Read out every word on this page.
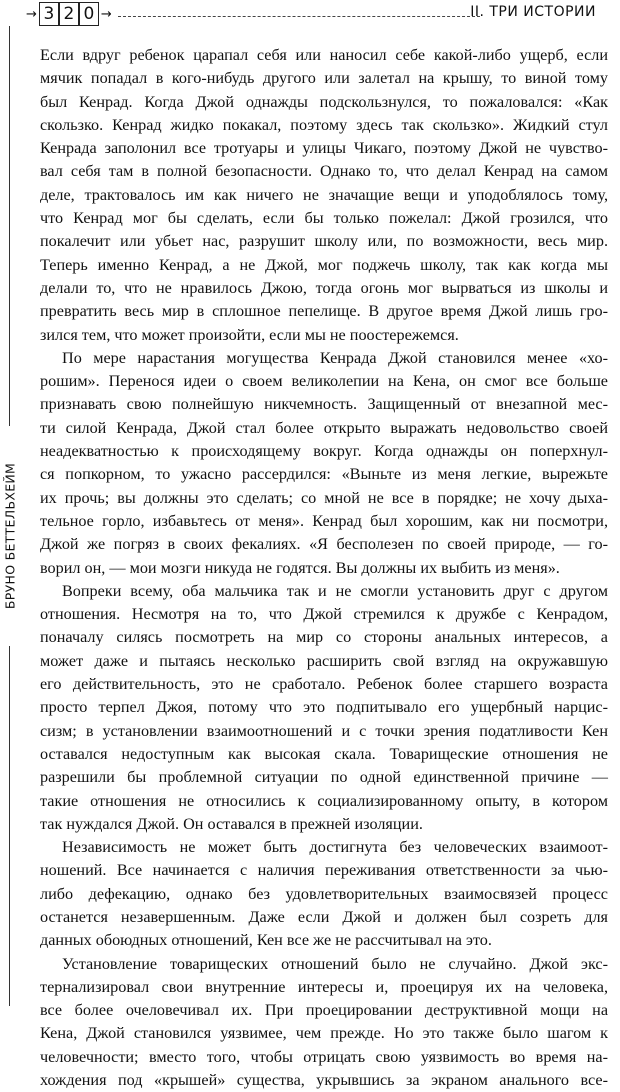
→ 3 2 0 →	II. ТРИ ИСТОРИИ
БРУНО БЕТТЕЛЬХЕЙМ
Если вдруг ребенок царапал себя или наносил себе какой-либо ущерб, если
мячик попадал в кого-нибудь другого или залетал на крышу, то виной тому
был Кенрад. Когда Джой однажды подскользнулся, то пожаловался: «Как
скользко. Кенрад жидко покакал, поэтому здесь так скользко». Жидкий стул
Кенрада заполонил все тротуары и улицы Чикаго, поэтому Джой не чувство-
вал себя там в полной безопасности. Однако то, что делал Кенрад на самом
деле, трактовалось им как ничего не значащие вещи и уподоблялось тому,
что Кенрад мог бы сделать, если бы только пожелал: Джой грозился, что
покалечит или убьет нас, разрушит школу или, по возможности, весь мир.
Теперь именно Кенрад, а не Джой, мог поджечь школу, так как когда мы
делали то, что не нравилось Джою, тогда огонь мог вырваться из школы и
превратить весь мир в сплошное пепелище. В другое время Джой лишь гро-
зился тем, что может произойти, если мы не поостережемся.
По мере нарастания могущества Кенрада Джой становился менее «хо-
рошим». Перенося идеи о своем великолепии на Кена, он смог все больше
признавать свою полнейшую никчемность. Защищенный от внезапной мес-
ти силой Кенрада, Джой стал более открыто выражать недовольство своей
неадекватностью к происходящему вокруг. Когда однажды он поперхнул-
ся попкорном, то ужасно рассердился: «Выньте из меня легкие, вырежьте
их прочь; вы должны это сделать; со мной не все в порядке; не хочу дыха-
тельное горло, избавьтесь от меня». Кенрад был хорошим, как ни посмотри,
Джой же погряз в своих фекалиях. «Я бесполезен по своей природе, — го-
ворил он, — мои мозги никуда не годятся. Вы должны их выбить из меня».
Вопреки всему, оба мальчика так и не смогли установить друг с другом
отношения. Несмотря на то, что Джой стремился к дружбе с Кенрадом,
поначалу силясь посмотреть на мир со стороны анальных интересов, а
может даже и пытаясь несколько расширить свой взгляд на окружавшую
его действительность, это не сработало. Ребенок более старшего возраста
просто терпел Джоя, потому что это подпитывало его ущербный нарцис-
сизм; в установлении взаимоотношений и с точки зрения податливости Кен
оставался недоступным как высокая скала. Товарищеские отношения не
разрешили бы проблемной ситуации по одной единственной причине —
такие отношения не относились к социализированному опыту, в котором
так нуждался Джой. Он оставался в прежней изоляции.
Независимость не может быть достигнута без человеческих взаимоот-
ношений. Все начинается с наличия переживания ответственности за чью-
либо дефекацию, однако без удовлетворительных взаимосвязей процесс
останется незавершенным. Даже если Джой и должен был созреть для
данных обоюдных отношений, Кен все же не рассчитывал на это.
Установление товарищеских отношений было не случайно. Джой экс-
тернализировал свои внутренние интересы и, проецируя их на человека,
все более очеловечивал их. При проецировании деструктивной мощи на
Кена, Джой становился уязвимее, чем прежде. Но это также было шагом к
человечности; вместо того, чтобы отрицать свою уязвимость во время на-
хождения под «крышей» существа, укрывшись за экраном анального все-
